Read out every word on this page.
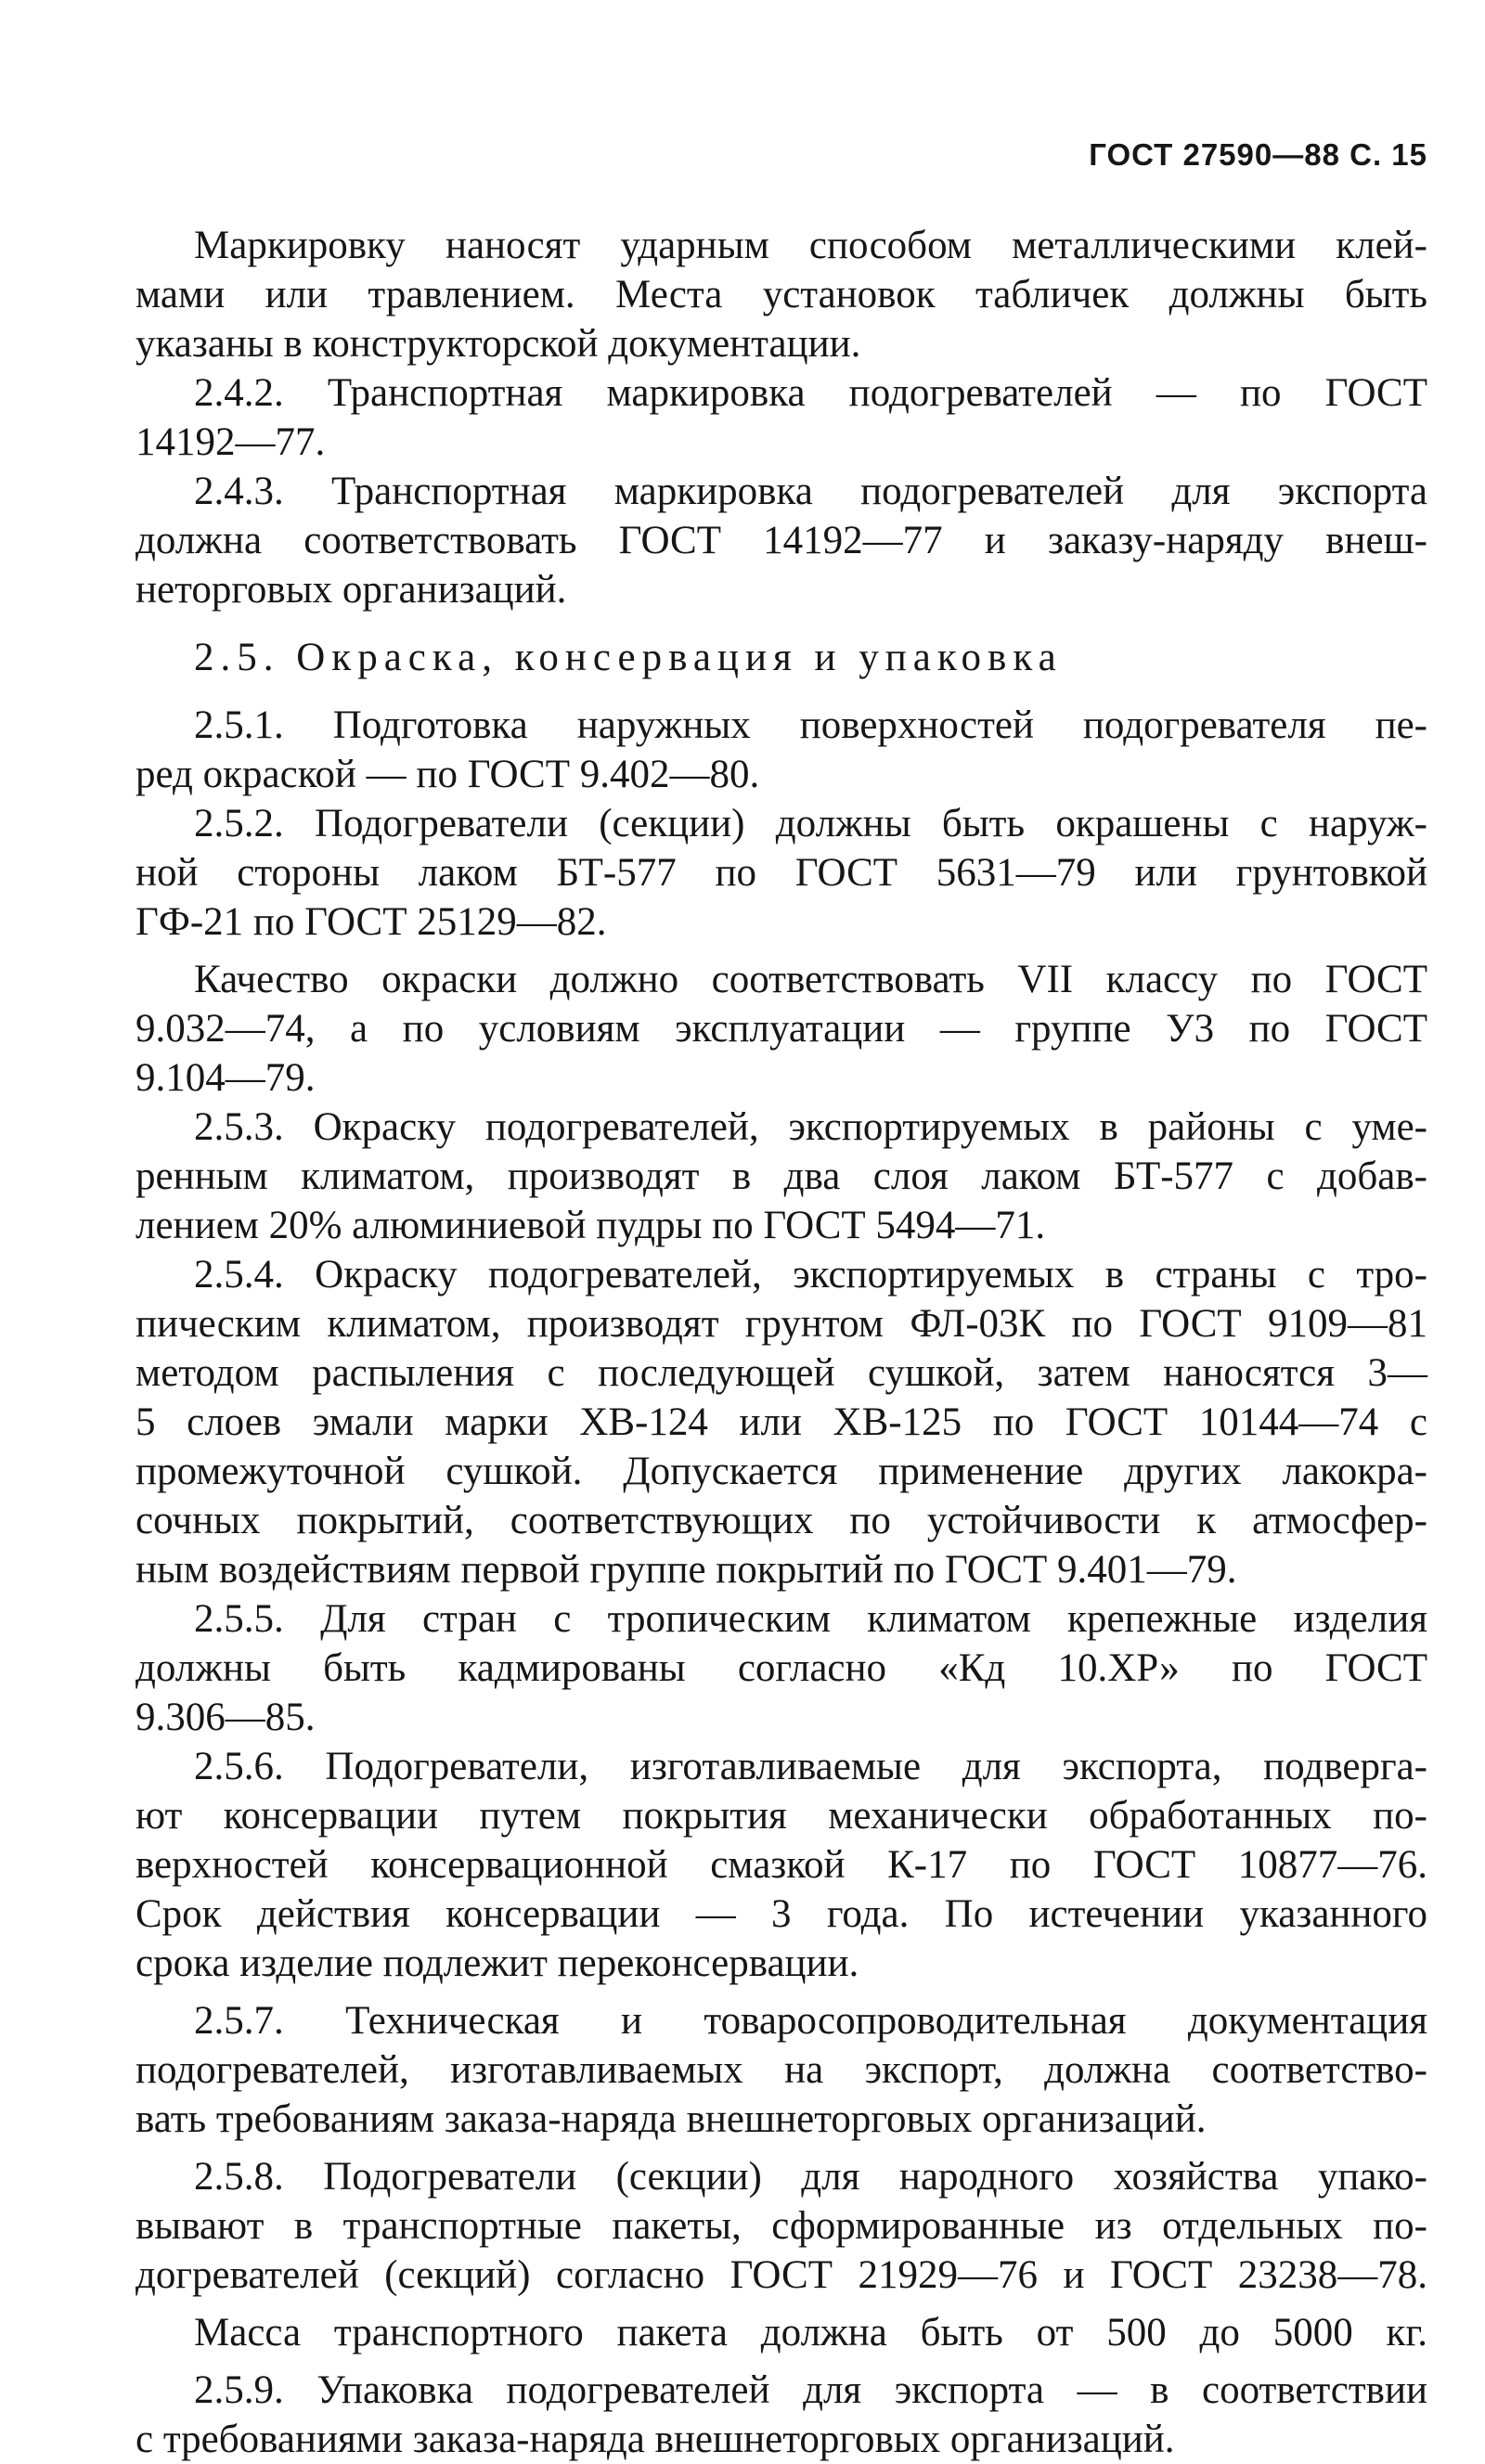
ГОСТ 27590—88 С. 15
Маркировку наносят ударным способом металлическими клей-
мами или травлением. Места установок табличек должны быть
указаны в конструкторской документации.
2.4.2. Транспортная маркировка подогревателей — по ГОСТ
14192—77.
2.4.3. Транспортная маркировка подогревателей для экспорта
должна соответствовать ГОСТ 14192—77 и заказу-наряду внеш-
неторговых организаций.
2.5. Окраска, консервация и упаковка
2.5.1. Подготовка наружных поверхностей подогревателя пе-
ред окраской — по ГОСТ 9.402—80.
2.5.2. Подогреватели (секции) должны быть окрашены с наруж-
ной стороны лаком БТ-577 по ГОСТ 5631—79 или грунтовкой
ГФ-21 по ГОСТ 25129—82.
Качество окраски должно соответствовать VII классу по ГОСТ
9.032—74, а по условиям эксплуатации — группе У3 по ГОСТ
9.104—79.
2.5.3. Окраску подогревателей, экспортируемых в районы с уме-
ренным климатом, производят в два слоя лаком БТ-577 с добав-
лением 20% алюминиевой пудры по ГОСТ 5494—71.
2.5.4. Окраску подогревателей, экспортируемых в страны с тро-
пическим климатом, производят грунтом ФЛ-03К по ГОСТ 9109—81
методом распыления с последующей сушкой, затем наносятся 3—
5 слоев эмали марки ХВ-124 или ХВ-125 по ГОСТ 10144—74 с
промежуточной сушкой. Допускается применение других лакокра-
сочных покрытий, соответствующих по устойчивости к атмосфер-
ным воздействиям первой группе покрытий по ГОСТ 9.401—79.
2.5.5. Для стран с тропическим климатом крепежные изделия
должны быть кадмированы согласно «Кд 10.ХР» по ГОСТ
9.306—85.
2.5.6. Подогреватели, изготавливаемые для экспорта, подверга-
ют консервации путем покрытия механически обработанных по-
верхностей консервационной смазкой К-17 по ГОСТ 10877—76.
Срок действия консервации — 3 года. По истечении указанного
срока изделие подлежит переконсервации.
2.5.7. Техническая и товаросопроводительная документация
подогревателей, изготавливаемых на экспорт, должна соответство-
вать требованиям заказа-наряда внешнеторговых организаций.
2.5.8. Подогреватели (секции) для народного хозяйства упако-
вывают в транспортные пакеты, сформированные из отдельных по-
догревателей (секций) согласно ГОСТ 21929—76 и ГОСТ 23238—78.
Масса транспортного пакета должна быть от 500 до 5000 кг.
2.5.9. Упаковка подогревателей для экспорта — в соответствии
с требованиями заказа-наряда внешнеторговых организаций.
